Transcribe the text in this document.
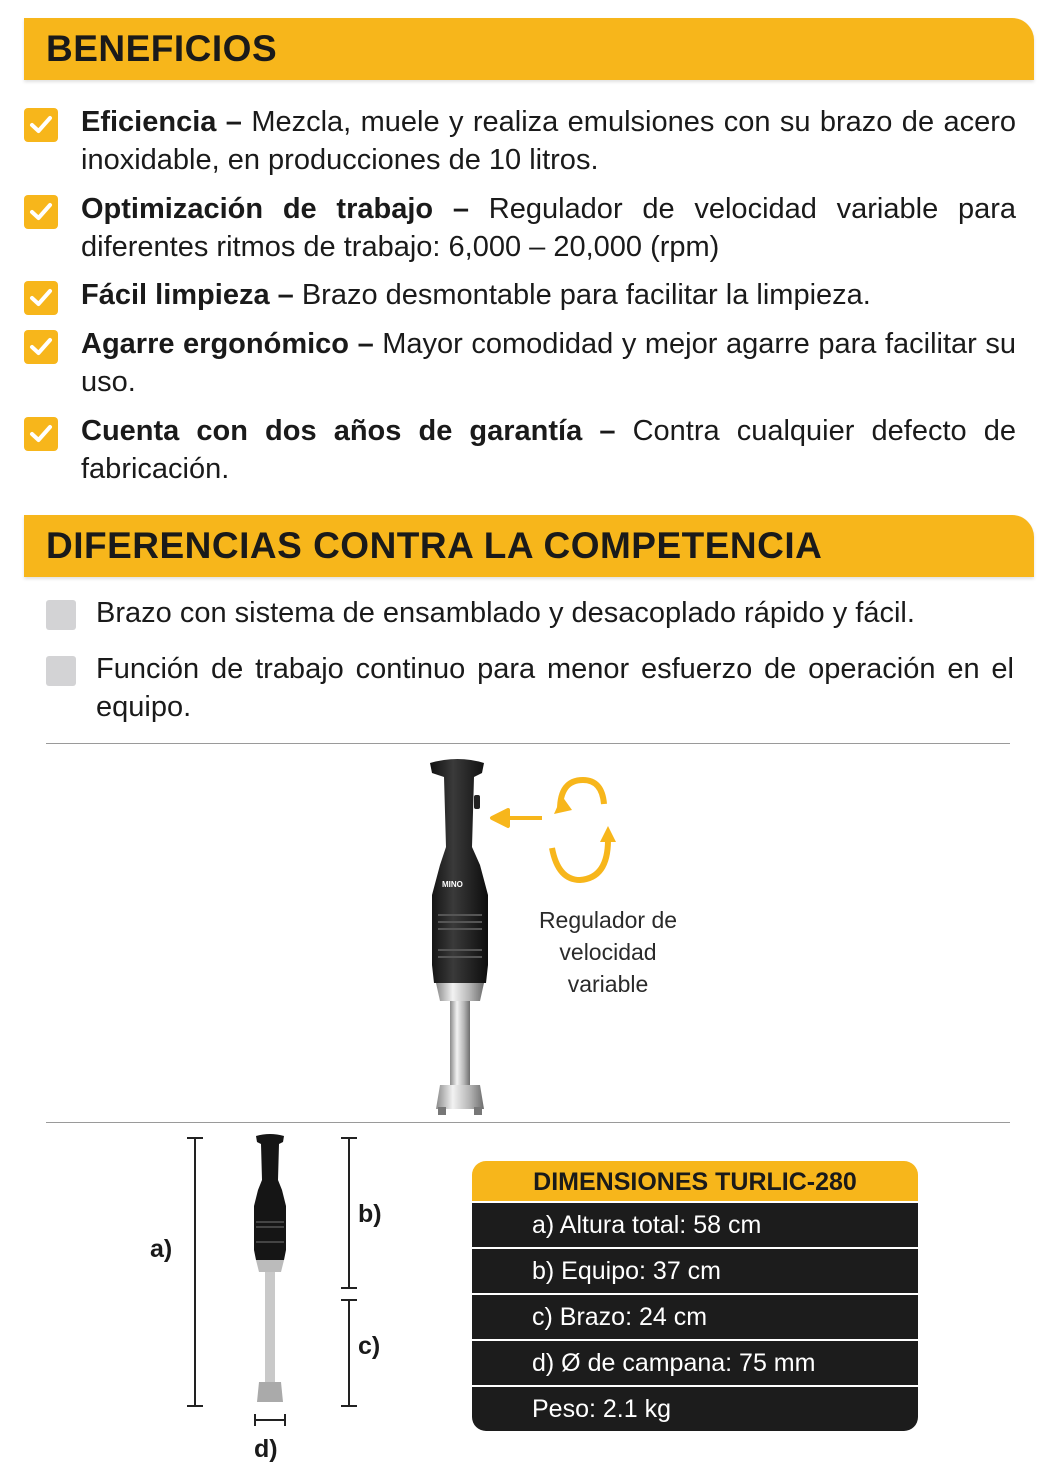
BENEFICIOS
Eficiencia – Mezcla, muele y realiza emulsiones con su brazo de acero inoxidable, en producciones de 10 litros.
Optimización de trabajo – Regulador de velocidad variable para diferentes ritmos de trabajo: 6,000 – 20,000 (rpm)
Fácil limpieza – Brazo desmontable para facilitar la limpieza.
Agarre ergonómico – Mayor comodidad y mejor agarre para facilitar su uso.
Cuenta con dos años de garantía – Contra cualquier defecto de fabricación.
DIFERENCIAS CONTRA LA COMPETENCIA
Brazo con sistema de ensamblado y desacoplado rápido y fácil.
Función de trabajo continuo para menor esfuerzo de operación en el equipo.
MINO
Regulador de velocidad variable
a)
b)
c)
d)
DIMENSIONES TURLIC-280
a) Altura total: 58 cm
b) Equipo: 37 cm
c) Brazo: 24 cm
d) Ø de campana: 75 mm
Peso: 2.1 kg
